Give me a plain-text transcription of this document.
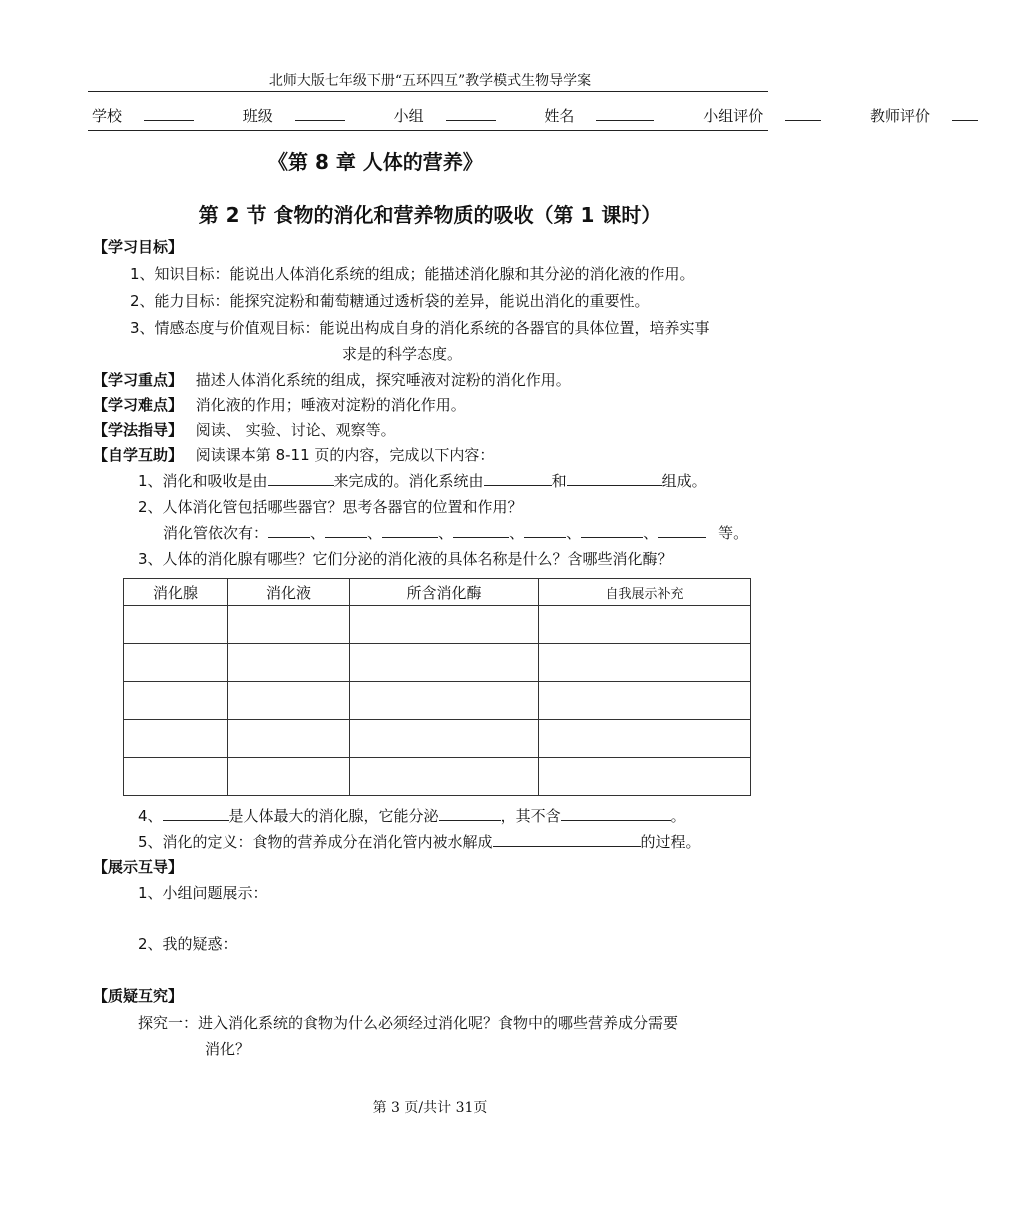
北师大版七年级下册“五环四互”教学模式生物导学案
学校	班级	小组	姓名	小组评价	教师评价
《第 8 章 人体的营养》
第 2 节 食物的消化和营养物质的吸收（第 1 课时）
【学习目标】
1、知识目标：能说出人体消化系统的组成；能描述消化腺和其分泌的消化液的作用。
2、能力目标：能探究淀粉和葡萄糖通过透析袋的差异，能说出消化的重要性。
3、情感态度与价值观目标：能说出构成自身的消化系统的各器官的具体位置，培养实事
求是的科学态度。
【学习重点】 描述人体消化系统的组成，探究唾液对淀粉的消化作用。
【学习难点】 消化液的作用；唾液对淀粉的消化作用。
【学法指导】 阅读、 实验、讨论、观察等。
【自学互助】 阅读课本第 8-11 页的内容，完成以下内容：
1、消化和吸收是由	来完成的。消化系统由	和	组成。
2、人体消化管包括哪些器官？思考各器官的位置和作用？
消化管依次有：	、	、	、	、	、	、	等。
3、人体的消化腺有哪些？它们分泌的消化液的具体名称是什么？含哪些消化酶？
消化腺	消化液	所含消化酶	自我展示补充

4、	是人体最大的消化腺，它能分泌	，其不含	。
5、消化的定义：食物的营养成分在消化管内被水解成	的过程。
【展示互导】
1、小组问题展示：
2、我的疑惑：
【质疑互究】
探究一：进入消化系统的食物为什么必须经过消化呢？食物中的哪些营养成分需要
消化？
第 3 页/共计 31页
